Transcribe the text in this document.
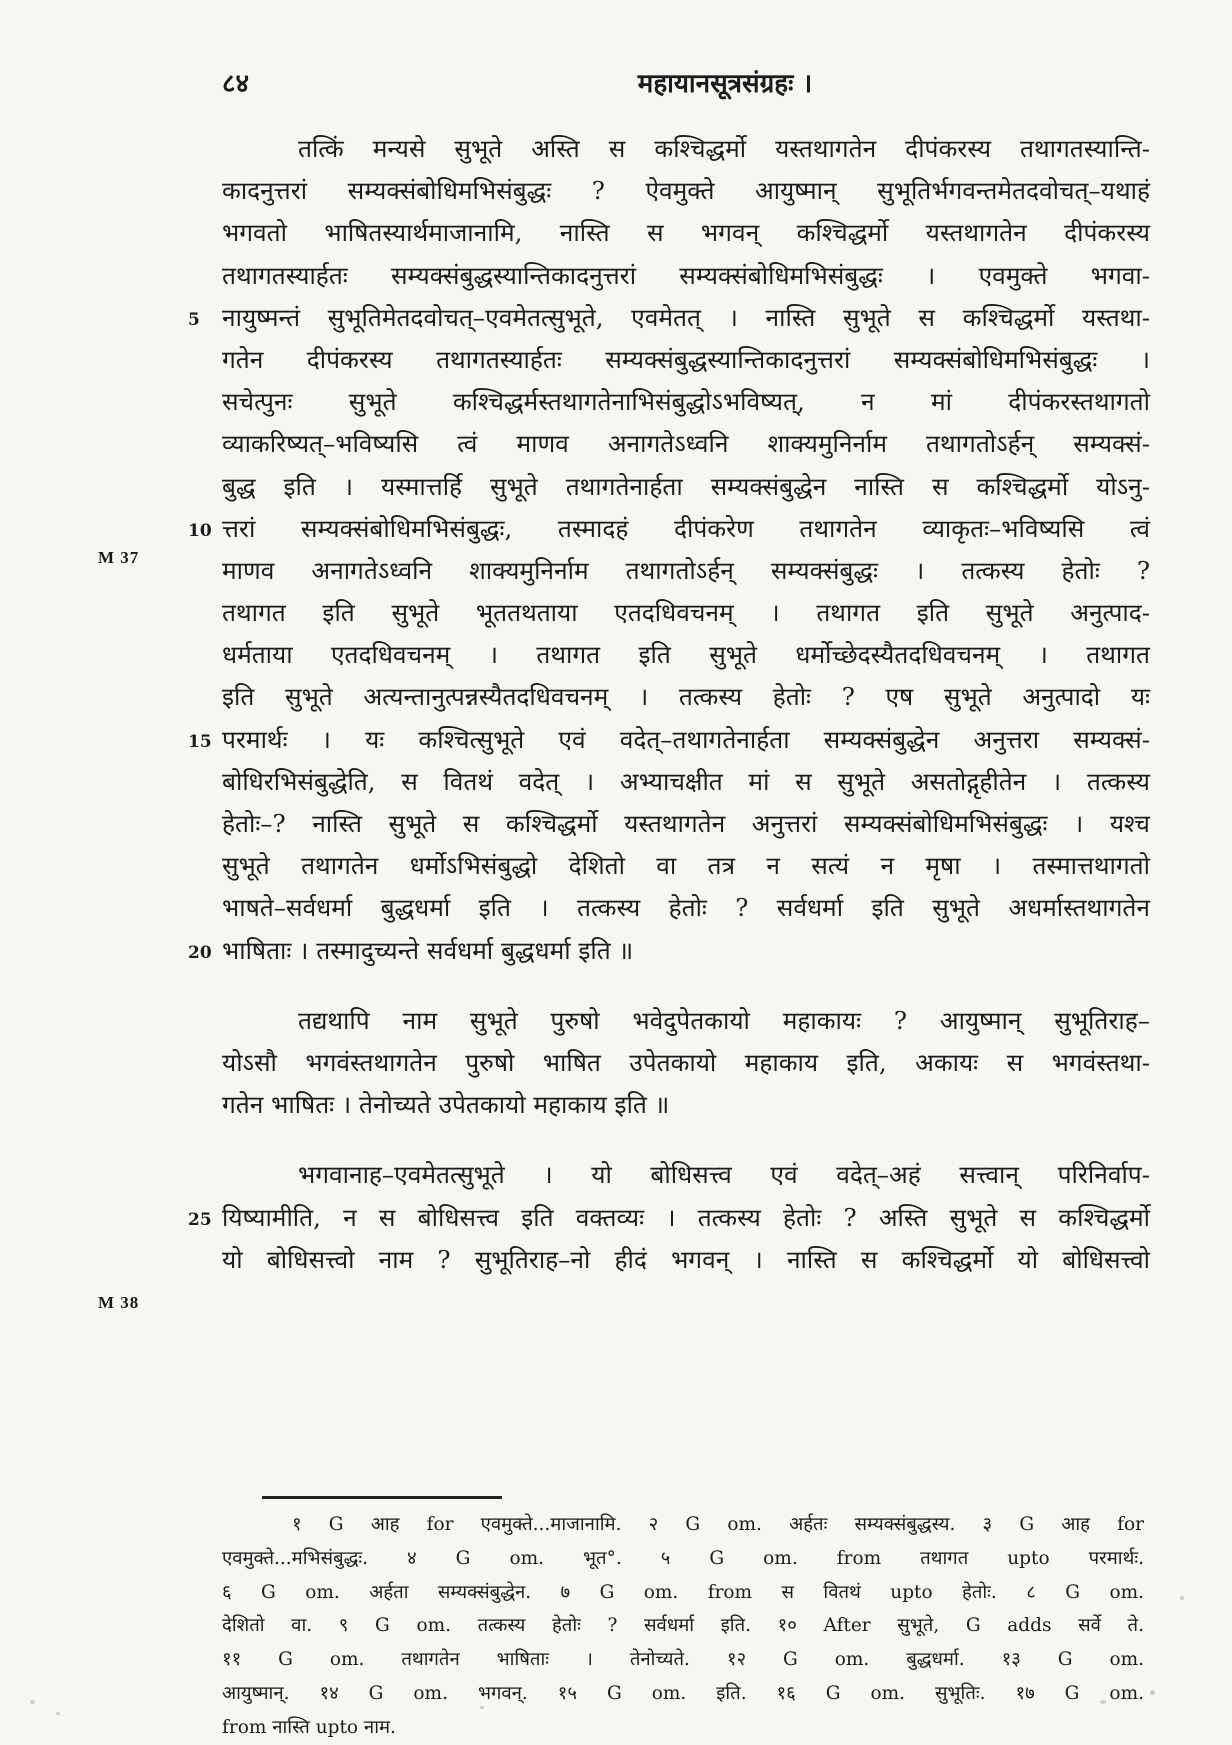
८४	महायानसूत्रसंग्रहः ।
M 37
M 38
तत्किं मन्यसे सुभूते अस्ति स कश्चिद्धर्मो यस्तथागतेन दीपंकरस्य तथागतस्यान्ति-
कादनुत्तरां सम्यक्संबोधिमभिसंबुद्धः ? ऐवमुक्ते आयुष्मान् सुभूतिर्भगवन्तमेतदवोचत्–यथाहं
भगवतो भाषितस्यार्थमाजानामि, नास्ति स भगवन् कश्चिद्धर्मो यस्तथागतेन दीपंकरस्य
तथागतस्यार्हतः सम्यक्संबुद्धस्यान्तिकादनुत्तरां सम्यक्संबोधिमभिसंबुद्धः । एवमुक्ते भगवा-
5 नायुष्मन्तं सुभूतिमेतदवोचत्–एवमेतत्सुभूते, एवमेतत् । नास्ति सुभूते स कश्चिद्धर्मो यस्तथा-
गतेन दीपंकरस्य तथागतस्यार्हतः सम्यक्संबुद्धस्यान्तिकादनुत्तरां सम्यक्संबोधिमभिसंबुद्धः ।
सचेत्पुनः सुभूते कश्चिद्धर्मस्तथागतेनाभिसंबुद्धोऽभविष्यत्, न मां दीपंकरस्तथागतो
व्याकरिष्यत्–भविष्यसि त्वं माणव अनागतेऽध्वनि शाक्यमुनिर्नाम तथागतोऽर्हन् सम्यक्सं-
बुद्ध इति । यस्मात्तर्हि सुभूते तथागतेनार्हता सम्यक्संबुद्धेन नास्ति स कश्चिद्धर्मो योऽनु-
10 त्तरां सम्यक्संबोधिमभिसंबुद्धः, तस्मादहं दीपंकरेण तथागतेन व्याकृतः–भविष्यसि त्वं
माणव अनागतेऽध्वनि शाक्यमुनिर्नाम तथागतोऽर्हन् सम्यक्संबुद्धः । तत्कस्य हेतोः ?
तथागत इति सुभूते भूततथताया एतदधिवचनम् । तथागत इति सुभूते अनुत्पाद-
धर्मताया एतदधिवचनम् । तथागत इति सुभूते धर्मोच्छेदस्यैतदधिवचनम् । तथागत
इति सुभूते अत्यन्तानुत्पन्नस्यैतदधिवचनम् । तत्कस्य हेतोः ? एष सुभूते अनुत्पादो यः
15 परमार्थः । यः कश्चित्सुभूते एवं वदेत्–तथागतेनार्हता सम्यक्संबुद्धेन अनुत्तरा सम्यक्सं-
बोधिरभिसंबुद्धेति, स वितथं वदेत् । अभ्याचक्षीत मां स सुभूते असतोद्गृहीतेन । तत्कस्य
हेतोः–? नास्ति सुभूते स कश्चिद्धर्मो यस्तथागतेन अनुत्तरां सम्यक्संबोधिमभिसंबुद्धः । यश्च
सुभूते तथागतेन धर्मोऽभिसंबुद्धो देशितो वा तत्र न सत्यं न मृषा । तस्मात्तथागतो
भाषते–सर्वधर्मा बुद्धधर्मा इति । तत्कस्य हेतोः ? सर्वधर्मा इति सुभूते अधर्मास्तथागतेन
20 भाषिताः । तस्मादुच्यन्ते सर्वधर्मा बुद्धधर्मा इति ॥
तद्यथापि नाम सुभूते पुरुषो भवेदुपेतकायो महाकायः ? आयुष्मान् सुभूतिराह–
योऽसौ भगवंस्तथागतेन पुरुषो भाषित उपेतकायो महाकाय इति, अकायः स भगवंस्तथा-
गतेन भाषितः । तेनोच्यते उपेतकायो महाकाय इति ॥
भगवानाह–एवमेतत्सुभूते । यो बोधिसत्त्व एवं वदेत्–अहं सत्त्वान् परिनिर्वाप-
25 यिष्यामीति, न स बोधिसत्त्व इति वक्तव्यः । तत्कस्य हेतोः ? अस्ति सुभूते स कश्चिद्धर्मो
यो बोधिसत्त्वो नाम ? सुभूतिराह–नो हीदं भगवन् । नास्ति स कश्चिद्धर्मो यो बोधिसत्त्वो
१ G आह for एवमुक्ते...माजानामि. २ G om. अर्हतः सम्यक्संबुद्धस्य. ३ G आह for
एवमुक्ते...मभिसंबुद्धः. ४ G om. भूत°. ५ G om. from तथागत upto परमार्थः.
६ G om. अर्हता सम्यक्संबुद्धेन. ७ G om. from स वितथं upto हेतोः. ८ G om.
देशितो वा. ९ G om. तत्कस्य हेतोः ? सर्वधर्मा इति. १० After सुभूते, G adds सर्वे ते.
११ G om. तथागतेन भाषिताः । तेनोच्यते. १२ G om. बुद्धधर्मा. १३ G om.
आयुष्मान्. १४ G om. भगवन्. १५ G om. इति. १६ G om. सुभूतिः. १७ G om.
from नास्ति upto नाम.
